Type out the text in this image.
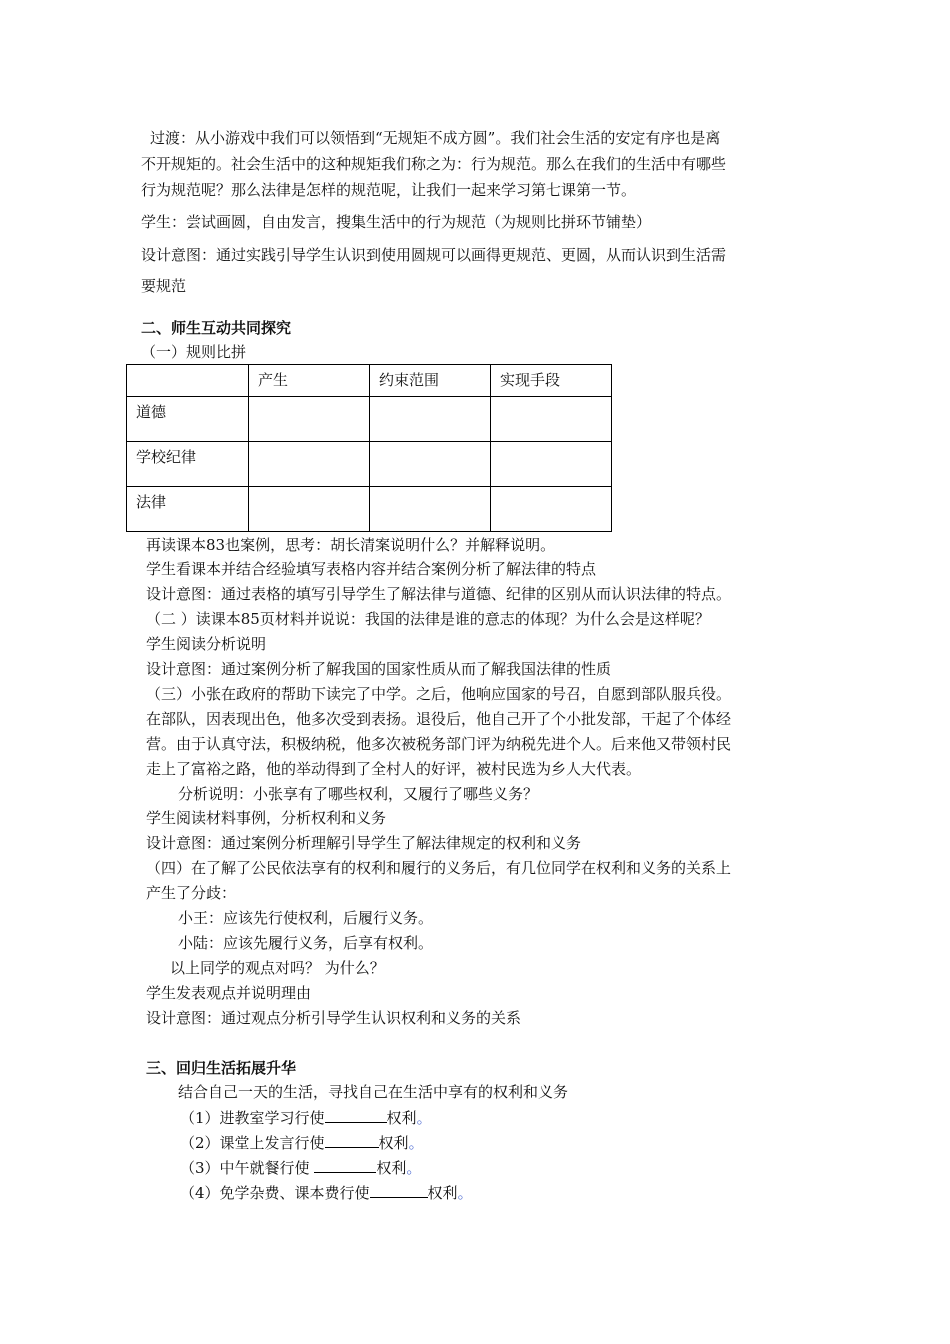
过渡：从小游戏中我们可以领悟到“无规矩不成方圆”。我们社会生活的安定有序也是离
不开规矩的。社会生活中的这种规矩我们称之为：行为规范。那么在我们的生活中有哪些
行为规范呢？那么法律是怎样的规范呢，让我们一起来学习第七课第一节。
学生：尝试画圆，自由发言，搜集生活中的行为规范（为规则比拼环节铺垫）
设计意图：通过实践引导学生认识到使用圆规可以画得更规范、更圆，从而认识到生活需
要规范
二、师生互动共同探究
（一）规则比拼
	产生	约束范围	实现手段
道德			
学校纪律			
法律			
再读课本83也案例，思考：胡长清案说明什么？并解释说明。
学生看课本并结合经验填写表格内容并结合案例分析了解法律的特点
设计意图：通过表格的填写引导学生了解法律与道德、纪律的区别从而认识法律的特点。
（二 ）读课本85页材料并说说：我国的法律是谁的意志的体现？为什么会是这样呢？
学生阅读分析说明
设计意图：通过案例分析了解我国的国家性质从而了解我国法律的性质
（三）小张在政府的帮助下读完了中学。之后，他响应国家的号召，自愿到部队服兵役。
在部队，因表现出色，他多次受到表扬。退役后，他自己开了个小批发部，干起了个体经
营。由于认真守法，积极纳税，他多次被税务部门评为纳税先进个人。后来他又带领村民
走上了富裕之路，他的举动得到了全村人的好评，被村民选为乡人大代表。
分析说明：小张享有了哪些权利，又履行了哪些义务？
学生阅读材料事例，分析权利和义务
设计意图：通过案例分析理解引导学生了解法律规定的权利和义务
（四）在了解了公民依法享有的权利和履行的义务后，有几位同学在权利和义务的关系上
产生了分歧：
小王：应该先行使权利，后履行义务。
小陆：应该先履行义务，后享有权利。
以上同学的观点对吗？ 为什么？
学生发表观点并说明理由
设计意图：通过观点分析引导学生认识权利和义务的关系
三、回归生活拓展升华
结合自己一天的生活，寻找自己在生活中享有的权利和义务
（1）进教室学习行使	权利。
（2）课堂上发言行使	权利。
（3）中午就餐行使	权利。
（4）免学杂费、课本费行使	权利。
